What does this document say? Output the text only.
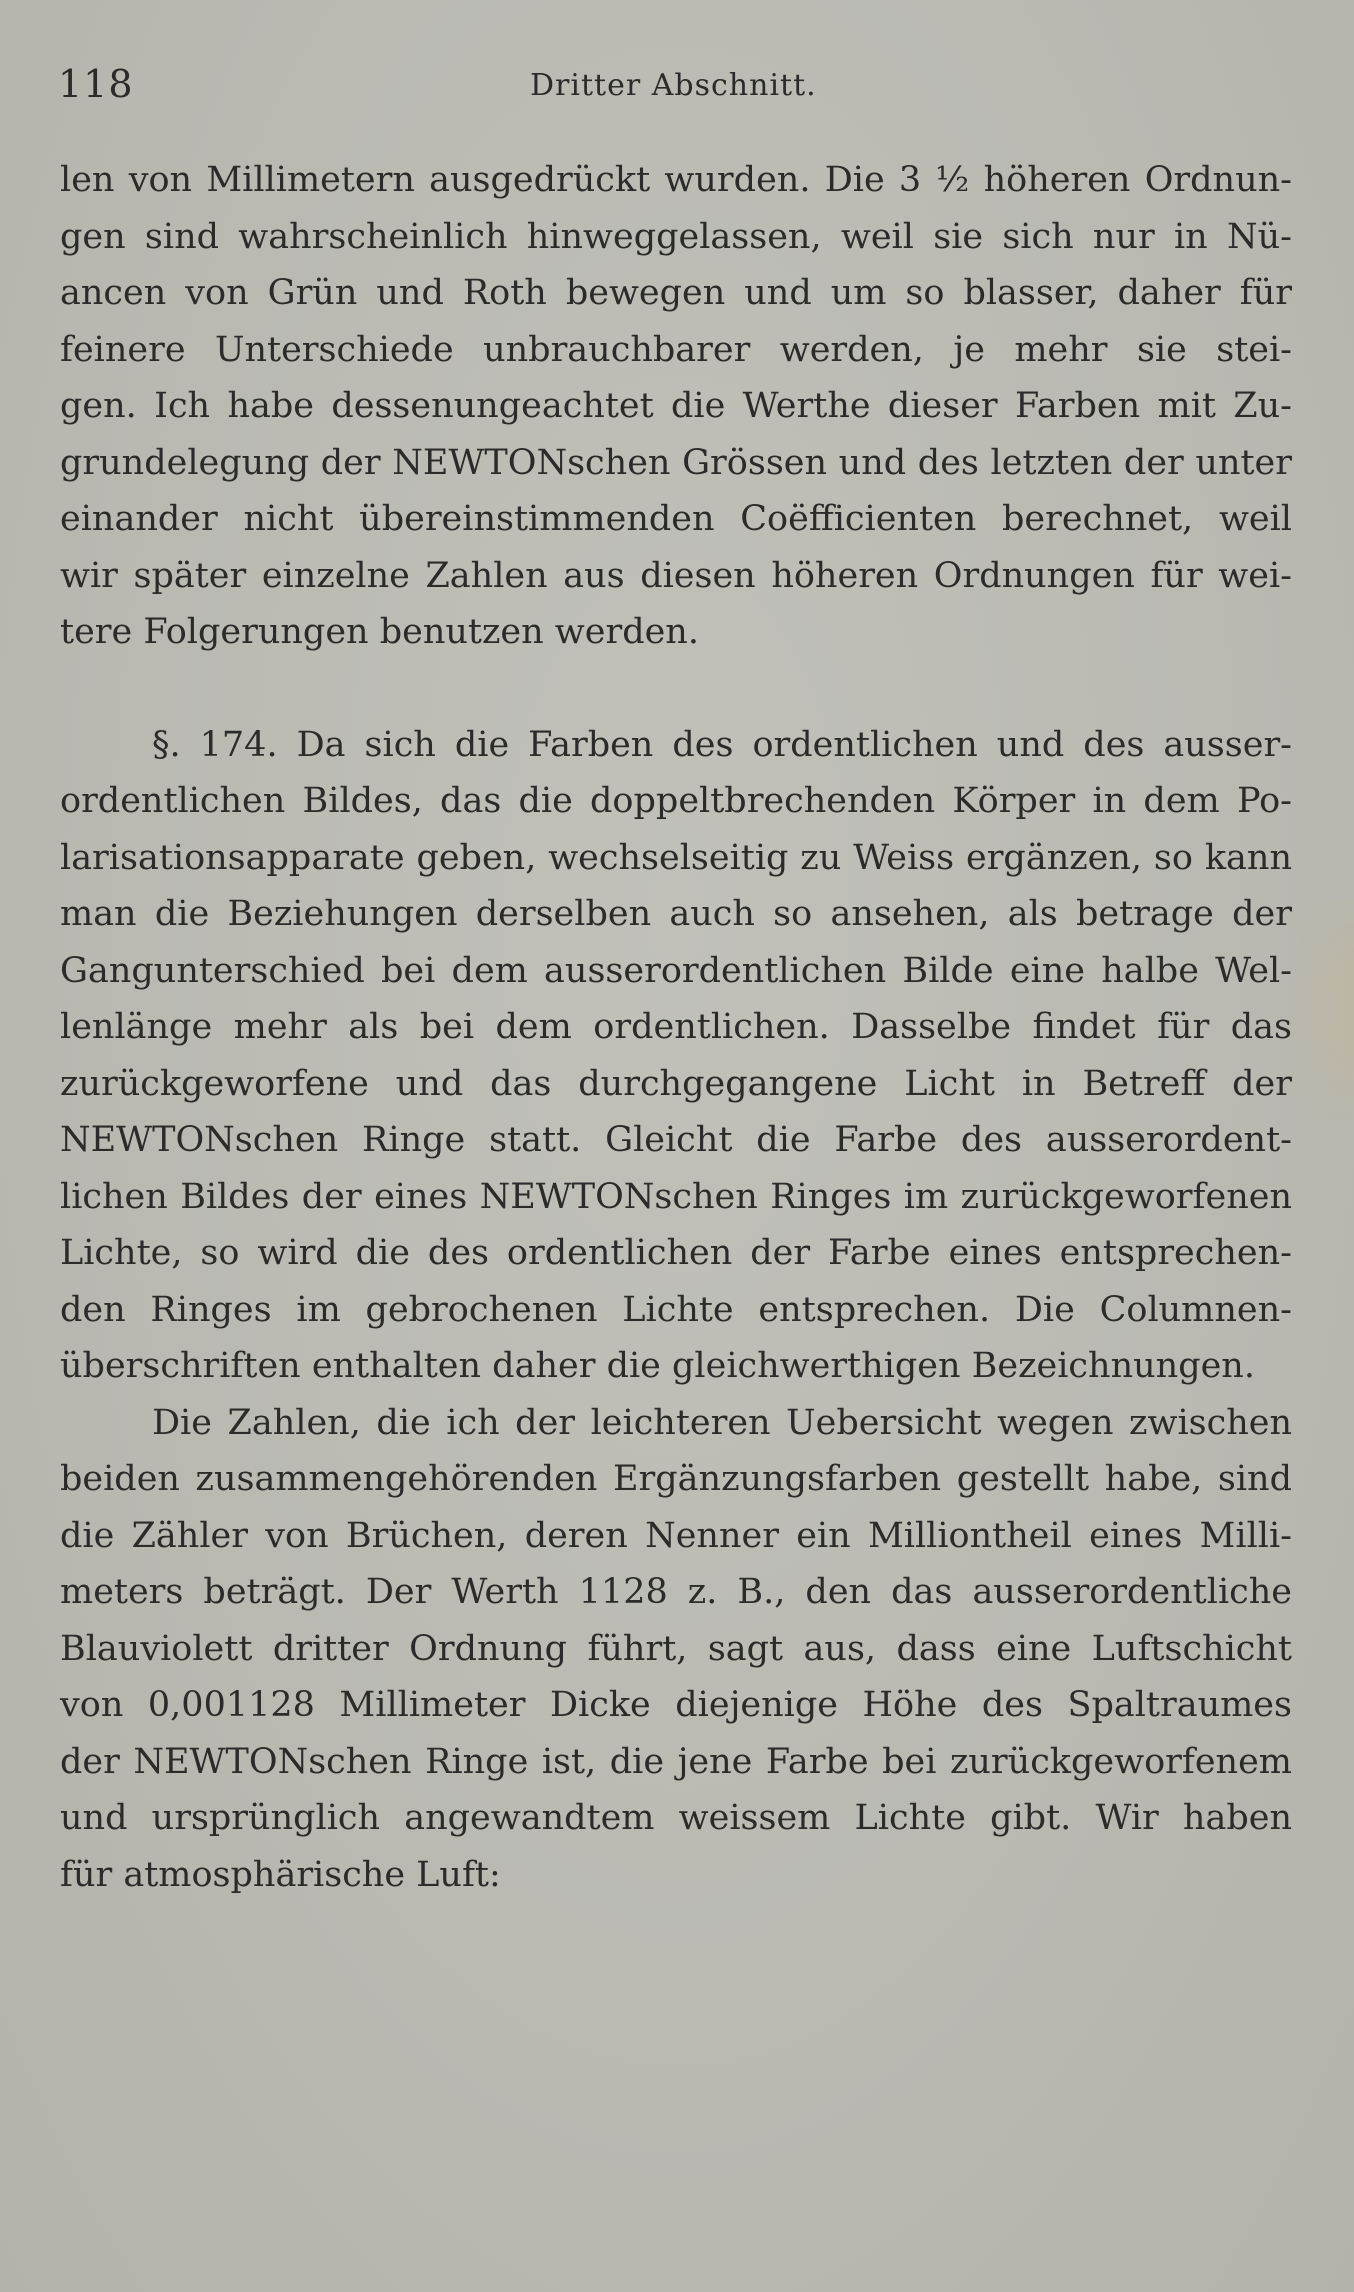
118	Dritter Abschnitt.
len von Millimetern ausgedrückt wurden. Die 3 ½ höheren Ordnun-
gen sind wahrscheinlich hinweggelassen, weil sie sich nur in Nü-
ancen von Grün und Roth bewegen und um so blasser, daher für
feinere Unterschiede unbrauchbarer werden, je mehr sie stei-
gen. Ich habe dessenungeachtet die Werthe dieser Farben mit Zu-
grundelegung der NEWTONschen Grössen und des letzten der unter
einander nicht übereinstimmenden Coëfficienten berechnet, weil
wir später einzelne Zahlen aus diesen höheren Ordnungen für wei-
tere Folgerungen benutzen werden.
§. 174. Da sich die Farben des ordentlichen und des ausser-
ordentlichen Bildes, das die doppeltbrechenden Körper in dem Po-
larisationsapparate geben, wechselseitig zu Weiss ergänzen, so kann
man die Beziehungen derselben auch so ansehen, als betrage der
Gangunterschied bei dem ausserordentlichen Bilde eine halbe Wel-
lenlänge mehr als bei dem ordentlichen. Dasselbe findet für das
zurückgeworfene und das durchgegangene Licht in Betreff der
NEWTONschen Ringe statt. Gleicht die Farbe des ausserordent-
lichen Bildes der eines NEWTONschen Ringes im zurückgeworfenen
Lichte, so wird die des ordentlichen der Farbe eines entsprechen-
den Ringes im gebrochenen Lichte entsprechen. Die Columnen-
überschriften enthalten daher die gleichwerthigen Bezeichnungen.
Die Zahlen, die ich der leichteren Uebersicht wegen zwischen
beiden zusammengehörenden Ergänzungsfarben gestellt habe, sind
die Zähler von Brüchen, deren Nenner ein Milliontheil eines Milli-
meters beträgt. Der Werth 1128 z. B., den das ausserordentliche
Blauviolett dritter Ordnung führt, sagt aus, dass eine Luftschicht
von 0,001128 Millimeter Dicke diejenige Höhe des Spaltraumes
der NEWTONschen Ringe ist, die jene Farbe bei zurückgeworfenem
und ursprünglich angewandtem weissem Lichte gibt. Wir haben
für atmosphärische Luft:
